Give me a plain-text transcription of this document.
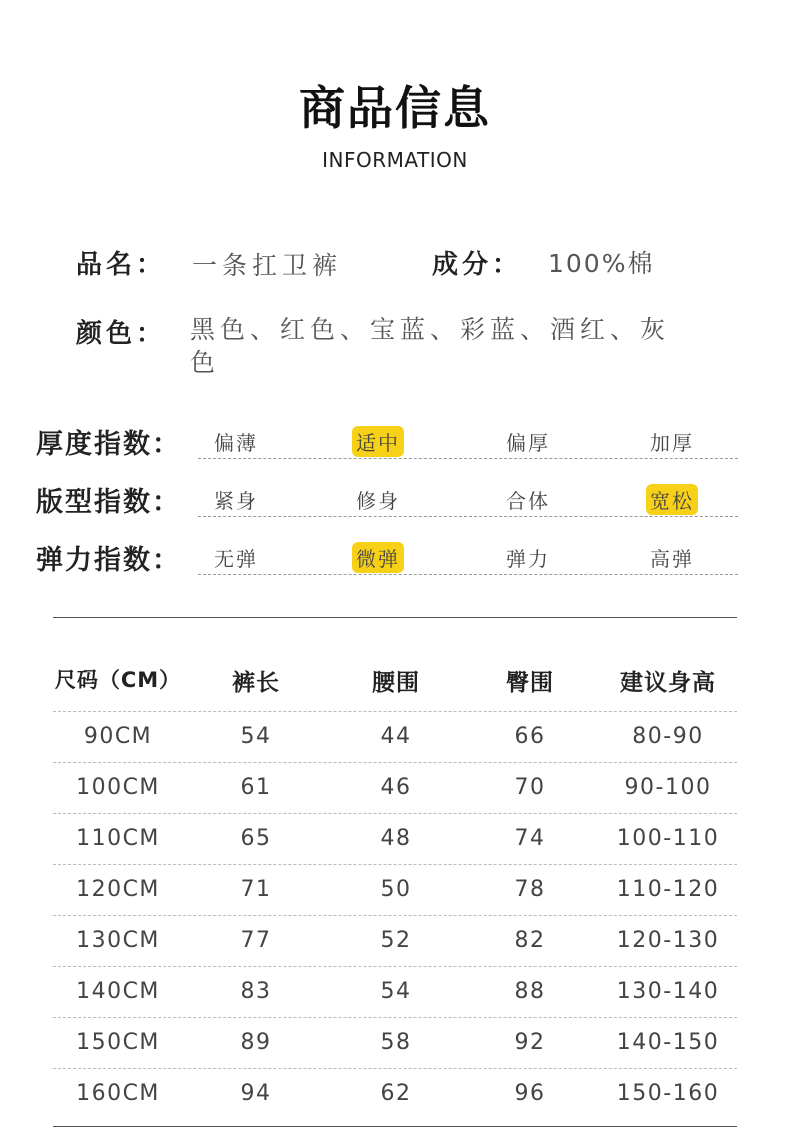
商品信息
INFORMATION
品名： 一条扛卫裤	成分： 100%棉
颜色： 黑色、红色、宝蓝、彩蓝、酒红、灰色
厚度指数： 偏薄	适中	偏厚	加厚
版型指数： 紧身	修身	合体	宽松
弹力指数： 无弹	微弹	弹力	高弹
尺码（CM）	裤长	腰围	臀围	建议身高
90CM	54	44	66	80-90
100CM	61	46	70	90-100
110CM	65	48	74	100-110
120CM	71	50	78	110-120
130CM	77	52	82	120-130
140CM	83	54	88	130-140
150CM	89	58	92	140-150
160CM	94	62	96	150-160
